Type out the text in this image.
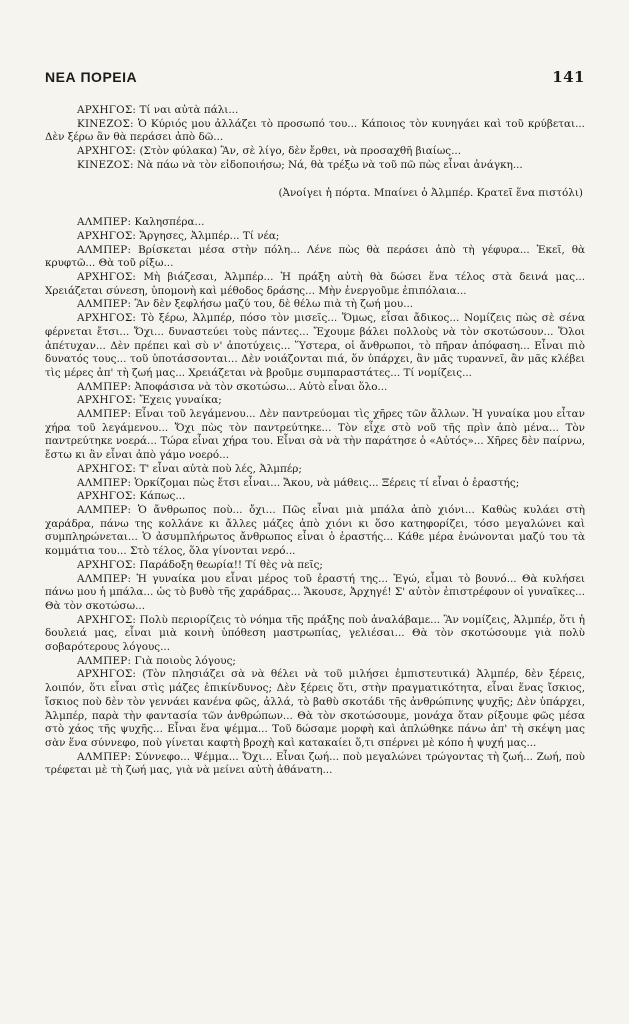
ΝΕΑ ΠΟΡΕΙΑ	141

ΑΡΧΗΓΟΣ: Τί ναι αὐτὰ πάλι...

ΚΙΝΕΖΟΣ: Ὁ Κύριός μου ἀλλάζει τὸ προσωπό του... Κάποιος τὸν κυνηγάει καὶ τοῦ κρύβεται... Δὲν ξέρω ἂν θὰ περάσει ἀπὸ δῶ...

ΑΡΧΗΓΟΣ: (Στὸν φύλακα) Ἂν, σὲ λίγο, δὲν ἔρθει, νὰ προσαχθῆ βιαίως...

ΚΙΝΕΖΟΣ: Νὰ πάω νὰ τὸν εἰδοποιήσω; Νά, θὰ τρέξω νὰ τοῦ πῶ πὼς εἶναι ἀνάγκη...

(Ἀνοίγει ἡ πόρτα. Μπαίνει ὁ Ἀλμπέρ. Κρατεῖ ἕνα πιστόλι)

ΑΛΜΠΕΡ: Καλησπέρα...

ΑΡΧΗΓΟΣ: Ἄργησες, Ἀλμπέρ... Τί νέα;

ΑΛΜΠΕΡ: Βρίσκεται μέσα στὴν πόλη... Λένε πὼς θὰ περάσει ἀπὸ τὴ γέφυρα... Ἐκεῖ, θὰ κρυφτῶ... Θὰ τοῦ ρίξω...

ΑΡΧΗΓΟΣ: Μὴ βιάζεσαι, Ἀλμπέρ... Ἡ πράξη αὐτὴ θὰ δώσει ἕνα τέλος στὰ δεινά μας... Χρειάζεται σύνεση, ὑπομονὴ καὶ μέθοδος δράσης... Μὴν ἐνεργοῦμε ἐπιπόλαια...

ΑΛΜΠΕΡ: Ἂν δὲν ξεφλήσω μαζύ του, δὲ θέλω πιὰ τὴ ζωή μου...

ΑΡΧΗΓΟΣ: Τὸ ξέρω, Ἀλμπέρ, πόσο τὸν μισεῖς... Ὅμως, εἶσαι ἄδικος... Νομίζεις πὼς σὲ σένα φέρνεται ἔτσι... Ὄχι... δυναστεύει τοὺς πάντες... Ἔχουμε βάλει πολλοὺς νὰ τὸν σκοτώσουν... Ὅλοι ἀπέτυχαν... Δὲν πρέπει καὶ σὺ ν' ἀποτύχεις... Ὕστερα, οἱ ἄνθρωποι, τὸ πῆραν ἀπόφαση... Εἶναι πιὸ δυνατός τους... τοῦ ὑποτάσσονται... Δὲν νοιάζονται πιά, ὅν ὑπάρχει, ἂν μᾶς τυραννεῖ, ἂν μᾶς κλέβει τὶς μέρες ἀπ' τὴ ζωή μας... Χρειάζεται νὰ βροῦμε συμπαραστάτες... Τί νομίζεις...

ΑΛΜΠΕΡ: Ἀποφάσισα νὰ τὸν σκοτώσω... Αὐτὸ εἶναι ὅλο...

ΑΡΧΗΓΟΣ: Ἔχεις γυναίκα;

ΑΛΜΠΕΡ: Εἶναι τοῦ λεγάμενου... Δὲν παντρεύομαι τὶς χῆρες τῶν ἄλλων. Ἡ γυναίκα μου εἶταν χήρα τοῦ λεγάμενου... Ὄχι πὼς τὸν παντρεύτηκε... Τὸν εἶχε στὸ νοῦ τῆς πρὶν ἀπὸ μένα... Τὸν παντρεύτηκε νοερά... Τώρα εἶναι χήρα του. Εἶναι σὰ νὰ τὴν παράτησε ὁ «Αὐτός»... Χῆρες δὲν παίρνω, ἔστω κι ἂν εἶναι ἀπὸ γάμο νοερό...

ΑΡΧΗΓΟΣ: Τ' εἶναι αὐτὰ ποὺ λές, Ἀλμπέρ;

ΑΛΜΠΕΡ: Ὁρκίζομαι πὼς ἔτσι εἶναι... Ἄκου, νὰ μάθεις... Ξέρεις τί εἶναι ὁ ἐραστής;

ΑΡΧΗΓΟΣ: Κάπως...

ΑΛΜΠΕΡ: Ὁ ἄνθρωπος ποὺ... ὄχι... Πῶς εἶναι μιὰ μπάλα ἀπὸ χιόνι... Καθὼς κυλάει στὴ χαράδρα, πάνω της κολλάνε κι ἄλλες μάζες ἀπὸ χιόνι κι ὅσο κατηφορίζει, τόσο μεγαλώνει καὶ συμπληρώνεται... Ὁ ἀσυμπλήρωτος ἄνθρωπος εἶναι ὁ ἐραστής... Κάθε μέρα ἑνώνονται μαζύ του τὰ κομμάτια του... Στὸ τέλος, ὅλα γίνονται νερό...

ΑΡΧΗΓΟΣ: Παράδοξη θεωρία!! Τί θὲς νὰ πεῖς;

ΑΛΜΠΕΡ: Ἡ γυναίκα μου εἶναι μέρος τοῦ ἐραστή της... Ἐγώ, εἶμαι τὸ βουνό... Θὰ κυλήσει πάνω μου ἡ μπάλα... ὡς τὸ βυθὸ τῆς χαράδρας... Ἄκουσε, Ἀρχηγέ! Σ' αὐτὸν ἐπιστρέφουν οἱ γυναῖκες... Θὰ τὸν σκοτώσω...

ΑΡΧΗΓΟΣ: Πολὺ περιορίζεις τὸ νόημα τῆς πράξης ποὺ ἀναλάβαμε... Ἂν νομίζεις, Ἀλμπέρ, ὅτι ἡ δουλειά μας, εἶναι μιὰ κοινὴ ὑπόθεση μαστρωπίας, γελιέσαι... Θὰ τὸν σκοτώσουμε γιὰ πολὺ σοβαρότερους λόγους...

ΑΛΜΠΕΡ: Γιὰ ποιοὺς λόγους;

ΑΡΧΗΓΟΣ: (Τὸν πλησιάζει σὰ νὰ θέλει νὰ τοῦ μιλήσει ἐμπιστευτικά) Ἀλμπέρ, δὲν ξέρεις, λοιπόν, ὅτι εἶναι στὶς μάζες ἐπικίνδυνος; Δὲν ξέρεις ὅτι, στὴν πραγματικότητα, εἶναι ἕνας ἴσκιος, ἴσκιος ποὺ δὲν τὸν γεννάει κανένα φῶς, ἀλλά, τὸ βαθὺ σκοτάδι τῆς ἀνθρώπινης ψυχῆς; Δὲν ὑπάρχει, Ἀλμπέρ, παρὰ τὴν φαντασία τῶν ἀνθρώπων... Θὰ τὸν σκοτώσουμε, μονάχα ὅταν ρίξουμε φῶς μέσα στὸ χάος τῆς ψυχῆς... Εἶναι ἕνα ψέμμα... Τοῦ δώσαμε μορφὴ καὶ ἁπλώθηκε πάνω ἀπ' τὴ σκέψη μας σὰν ἕνα σύννεφο, ποὺ γίνεται καφτὴ βροχὴ καὶ κατακαίει ὅ,τι σπέρνει μὲ κόπο ἡ ψυχή μας...

ΑΛΜΠΕΡ: Σύννεφο... Ψέμμα... Ὄχι... Εἶναι ζωή... ποὺ μεγαλώνει τρώγοντας τὴ ζωή... Ζωή, ποὺ τρέφεται μὲ τὴ ζωή μας, γιὰ νὰ μείνει αὐτὴ ἀθάνατη...
